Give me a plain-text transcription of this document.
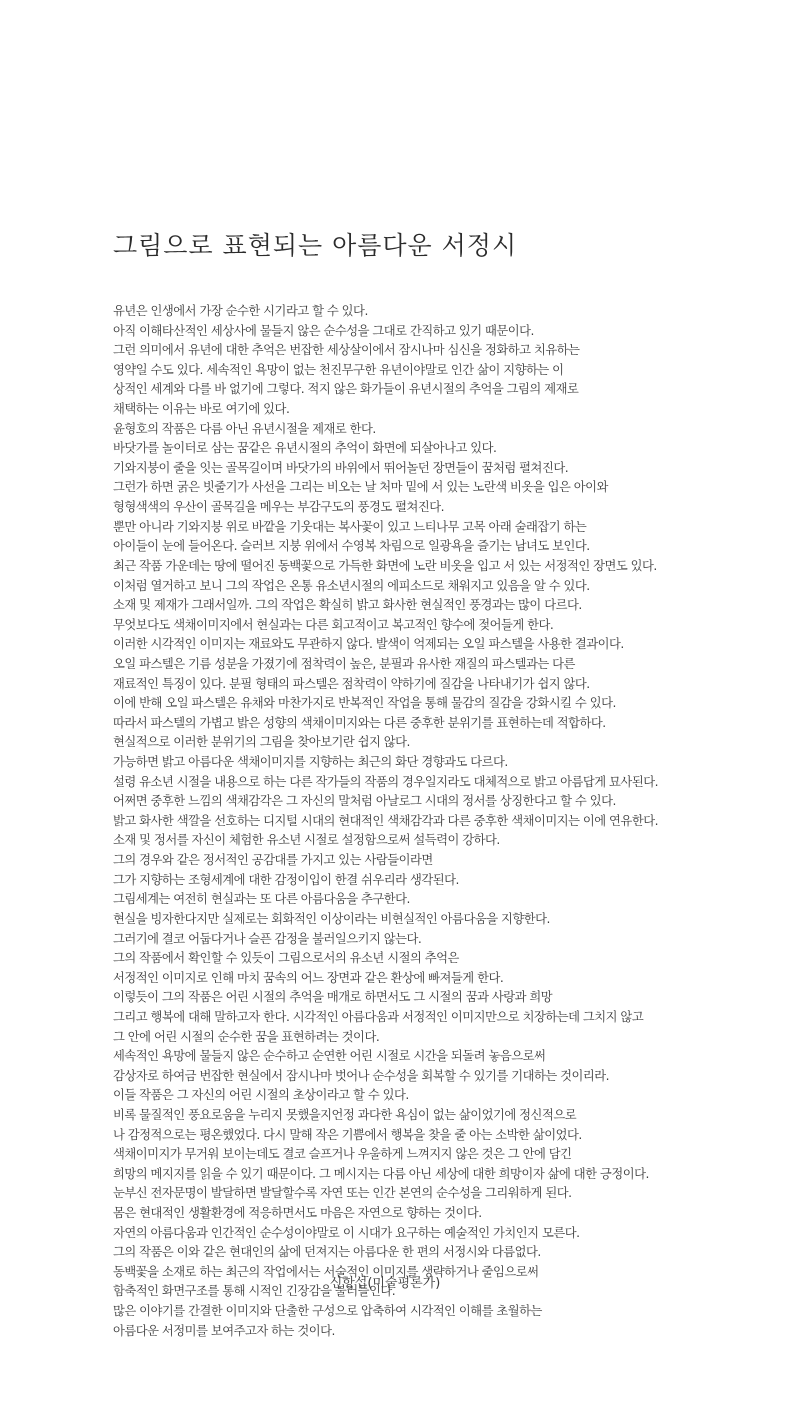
그림으로 표현되는 아름다운 서정시
유년은 인생에서 가장 순수한 시기라고 할 수 있다.
아직 이해타산적인 세상사에 물들지 않은 순수성을 그대로 간직하고 있기 때문이다.
그런 의미에서 유년에 대한 추억은 번잡한 세상살이에서 잠시나마 심신을 정화하고 치유하는
영약일 수도 있다. 세속적인 욕망이 없는 천진무구한 유년이야말로 인간 삶이 지향하는 이
상적인 세계와 다를 바 없기에 그렇다. 적지 않은 화가들이 유년시절의 추억을 그림의 제재로
채택하는 이유는 바로 여기에 있다.
윤형호의 작품은 다름 아닌 유년시절을 제재로 한다.
바닷가를 놀이터로 삼는 꿈같은 유년시절의 추억이 화면에 되살아나고 있다.
기와지붕이 줄을 잇는 골목길이며 바닷가의 바위에서 뛰어놀던 장면들이 꿈처럼 펼쳐진다.
그런가 하면 굵은 빗줄기가 사선을 그리는 비오는 날 처마 밑에 서 있는 노란색 비옷을 입은 아이와
형형색색의 우산이 골목길을 메우는 부감구도의 풍경도 펼쳐진다.
뿐만 아니라 기와지붕 위로 바깥을 기웃대는 복사꽃이 있고 느티나무 고목 아래 술래잡기 하는
아이들이 눈에 들어온다. 슬러브 지붕 위에서 수영복 차림으로 일광욕을 즐기는 남녀도 보인다.
최근 작품 가운데는 땅에 떨어진 동백꽃으로 가득한 화면에 노란 비옷을 입고 서 있는 서정적인 장면도 있다.
이처럼 열거하고 보니 그의 작업은 온통 유소년시절의 에피소드로 채워지고 있음을 알 수 있다.
소재 및 제재가 그래서일까. 그의 작업은 확실히 밝고 화사한 현실적인 풍경과는 많이 다르다.
무엇보다도 색채이미지에서 현실과는 다른 회고적이고 복고적인 향수에 젖어들게 한다.
이러한 시각적인 이미지는 재료와도 무관하지 않다. 발색이 억제되는 오일 파스텔을 사용한 결과이다.
오일 파스텔은 기름 성분을 가졌기에 점착력이 높은, 분필과 유사한 재질의 파스텔과는 다른
재료적인 특징이 있다. 분필 형태의 파스텔은 점착력이 약하기에 질감을 나타내기가 쉽지 않다.
이에 반해 오일 파스텔은 유채와 마찬가지로 반복적인 작업을 통해 물감의 질감을 강화시킬 수 있다.
따라서 파스텔의 가볍고 밝은 성향의 색채이미지와는 다른 중후한 분위기를 표현하는데 적합하다.
현실적으로 이러한 분위기의 그림을 찾아보기란 쉽지 않다.
가능하면 밝고 아름다운 색채이미지를 지향하는 최근의 화단 경향과도 다르다.
설령 유소년 시절을 내용으로 하는 다른 작가들의 작품의 경우일지라도 대체적으로 밝고 아름답게 묘사된다.
어쩌면 중후한 느낌의 색채감각은 그 자신의 말처럼 아날로그 시대의 정서를 상징한다고 할 수 있다.
밝고 화사한 색깔을 선호하는 디지털 시대의 현대적인 색채감각과 다른 중후한 색채이미지는 이에 연유한다.
소재 및 정서를 자신이 체험한 유소년 시절로 설정함으로써 설득력이 강하다.
그의 경우와 같은 정서적인 공감대를 가지고 있는 사람들이라면
그가 지향하는 조형세계에 대한 감정이입이 한결 쉬우리라 생각된다.
그림세계는 여전히 현실과는 또 다른 아름다움을 추구한다.
현실을 빙자한다지만 실제로는 회화적인 이상이라는 비현실적인 아름다움을 지향한다.
그러기에 결코 어둡다거나 슬픈 감정을 불러일으키지 않는다.
그의 작품에서 확인할 수 있듯이 그림으로서의 유소년 시절의 추억은
서정적인 이미지로 인해 마치 꿈속의 어느 장면과 같은 환상에 빠져들게 한다.
이렇듯이 그의 작품은 어린 시절의 추억을 매개로 하면서도 그 시절의 꿈과 사랑과 희망
그리고 행복에 대해 말하고자 한다. 시각적인 아름다움과 서정적인 이미지만으로 치장하는데 그치지 않고
그 안에 어린 시절의 순수한 꿈을 표현하려는 것이다.
세속적인 욕망에 물들지 않은 순수하고 순연한 어린 시절로 시간을 되돌려 놓음으로써
감상자로 하여금 번잡한 현실에서 잠시나마 벗어나 순수성을 회복할 수 있기를 기대하는 것이리라.
이들 작품은 그 자신의 어린 시절의 초상이라고 할 수 있다.
비록 물질적인 풍요로움을 누리지 못했을지언정 과다한 욕심이 없는 삶이었기에 정신적으로
나 감정적으로는 평온했었다. 다시 말해 작은 기쁨에서 행복을 찾을 줄 아는 소박한 삶이었다.
색채이미지가 무거워 보이는데도 결코 슬프거나 우울하게 느껴지지 않은 것은 그 안에 담긴
희망의 메지지를 읽을 수 있기 때문이다. 그 메시지는 다름 아닌 세상에 대한 희망이자 삶에 대한 긍정이다.
눈부신 전자문명이 발달하면 발달할수록 자연 또는 인간 본연의 순수성을 그리워하게 된다.
몸은 현대적인 생활환경에 적응하면서도 마음은 자연으로 향하는 것이다.
자연의 아름다움과 인간적인 순수성이야말로 이 시대가 요구하는 예술적인 가치인지 모른다.
그의 작품은 이와 같은 현대인의 삶에 던져지는 아름다운 한 편의 서정시와 다름없다.
동백꽃을 소재로 하는 최근의 작업에서는 서술적인 이미지를 생략하거나 줄임으로써
함축적인 화면구조를 통해 시적인 긴장감을 불러들인다.
많은 이야기를 간결한 이미지와 단출한 구성으로 압축하여 시각적인 이해를 초월하는
아름다운 서정미를 보여주고자 하는 것이다.
신항섭(미술평론가)
